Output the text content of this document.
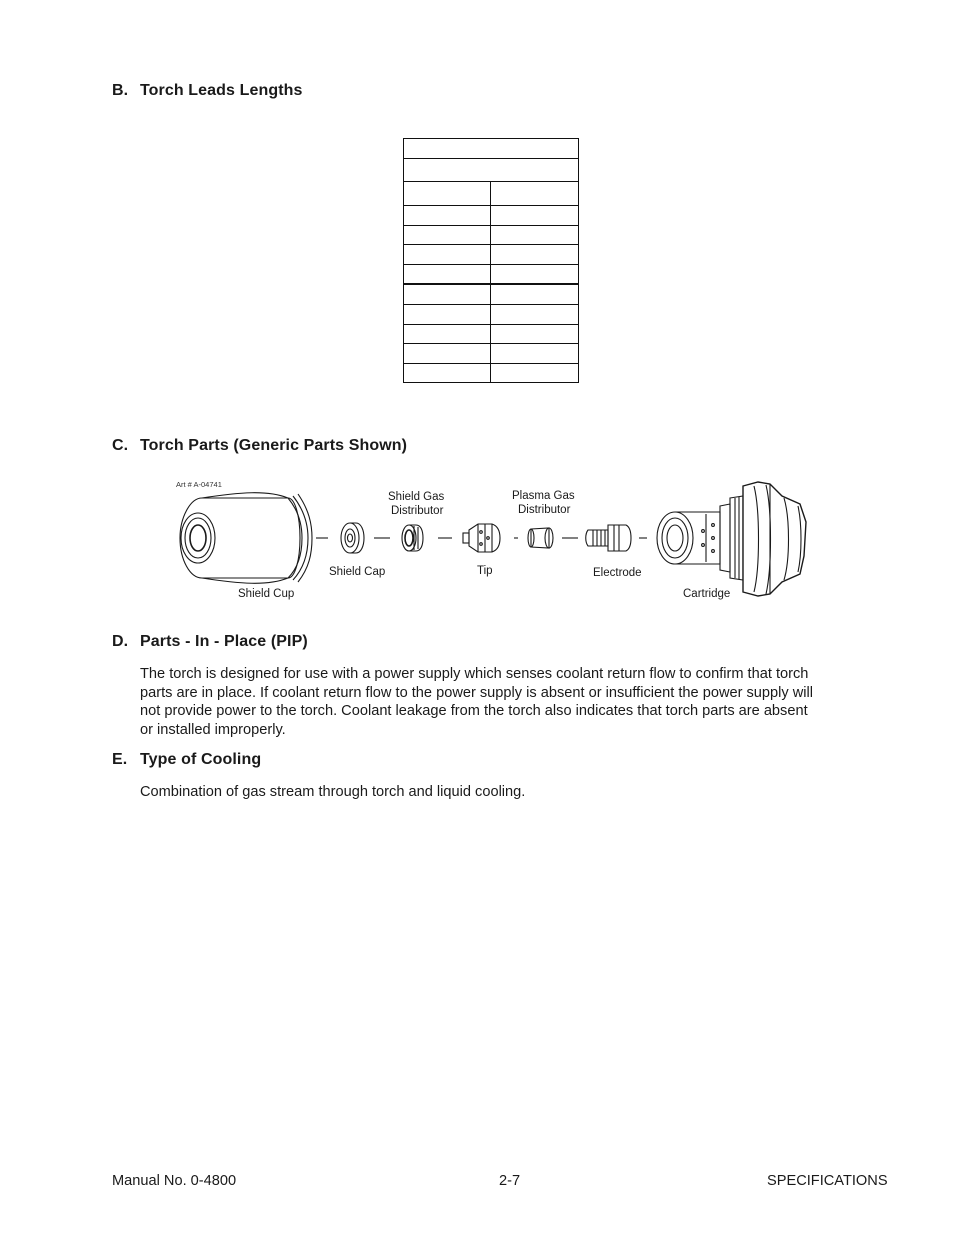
B. Torch Leads Lengths

C. Torch Parts (Generic Parts Shown)
Art # A-04741
Shield Cup
Shield Cap
Shield Gas
Distributor
Tip
Plasma Gas
Distributor
Electrode
Cartridge
D. Parts - In - Place (PIP)
The torch is designed for use with a power supply which senses coolant return flow to confirm that torch
parts are in place. If coolant return flow to the power supply is absent or insufficient the power supply will
not provide power to the torch. Coolant leakage from the torch also indicates that torch parts are absent
or installed improperly.
E. Type of Cooling
Combination of gas stream through torch and liquid cooling.
Manual No. 0-4800	2-7	SPECIFICATIONS
